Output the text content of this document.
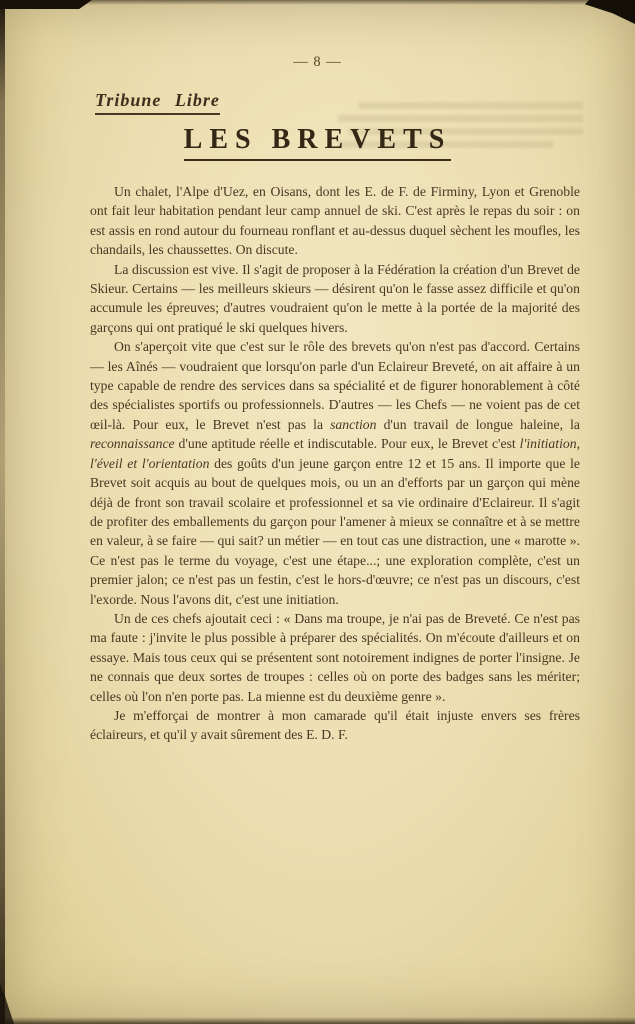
— 8 —
Tribune Libre
LES BREVETS

Un chalet, l'Alpe d'Uez, en Oisans, dont les E. de F. de Firminy, Lyon et Grenoble ont fait leur habitation pendant leur camp annuel de ski. C'est après le repas du soir : on est assis en rond autour du fourneau ronflant et au-dessus duquel sèchent les moufles, les chandails, les chaussettes. On discute.

La discussion est vive. Il s'agit de proposer à la Fédération la création d'un Brevet de Skieur. Certains — les meilleurs skieurs — désirent qu'on le fasse assez difficile et qu'on accumule les épreuves; d'autres voudraient qu'on le mette à la portée de la majorité des garçons qui ont pratiqué le ski quelques hivers.

On s'aperçoit vite que c'est sur le rôle des brevets qu'on n'est pas d'accord. Certains — les Aînés — voudraient que lorsqu'on parle d'un Eclaireur Breveté, on ait affaire à un type capable de rendre des services dans sa spécialité et de figurer honorablement à côté des spécialistes sportifs ou professionnels. D'autres — les Chefs — ne voient pas de cet œil-là. Pour eux, le Brevet n'est pas la sanction d'un travail de longue haleine, la reconnaissance d'une aptitude réelle et indiscutable. Pour eux, le Brevet c'est l'initiation, l'éveil et l'orientation des goûts d'un jeune garçon entre 12 et 15 ans. Il importe que le Brevet soit acquis au bout de quelques mois, ou un an d'efforts par un garçon qui mène déjà de front son travail scolaire et professionnel et sa vie ordinaire d'Eclaireur. Il s'agit de profiter des emballements du garçon pour l'amener à mieux se connaître et à se mettre en valeur, à se faire — qui sait? un métier — en tout cas une distraction, une « marotte ». Ce n'est pas le terme du voyage, c'est une étape...; une exploration complète, c'est un premier jalon; ce n'est pas un festin, c'est le hors-d'œuvre; ce n'est pas un discours, c'est l'exorde. Nous l'avons dit, c'est une initiation.

Un de ces chefs ajoutait ceci : « Dans ma troupe, je n'ai pas de Breveté. Ce n'est pas ma faute : j'invite le plus possible à préparer des spécialités. On m'écoute d'ailleurs et on essaye. Mais tous ceux qui se présentent sont notoirement indignes de porter l'insigne. Je ne connais que deux sortes de troupes : celles où on porte des badges sans les mériter; celles où l'on n'en porte pas. La mienne est du deuxième genre ».

Je m'efforçai de montrer à mon camarade qu'il était injuste envers ses frères éclaireurs, et qu'il y avait sûrement des E. D. F.
